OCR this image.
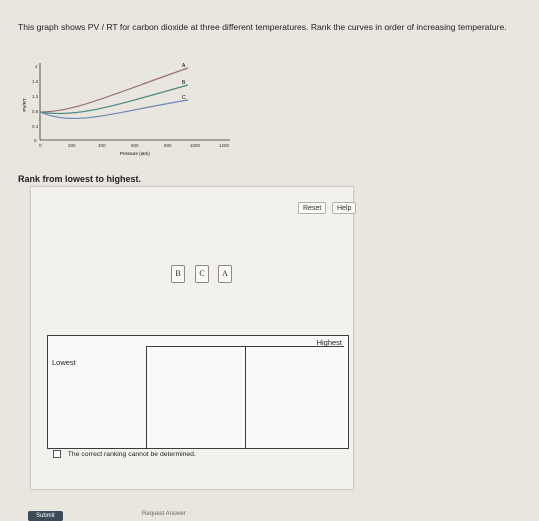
This graph shows PV / RT for carbon dioxide at three different temperatures. Rank the curves in order of increasing temperature.
0
0.4
0.8
1.2
1.6
2
PV/RT
0	200	400	600	800	1000	1200
Pressure (atm)
A
B
C
Rank from lowest to highest.
Reset	Help
B	C	A
Highest
Lowest
The correct ranking cannot be determined.
Submit	Request Answer
